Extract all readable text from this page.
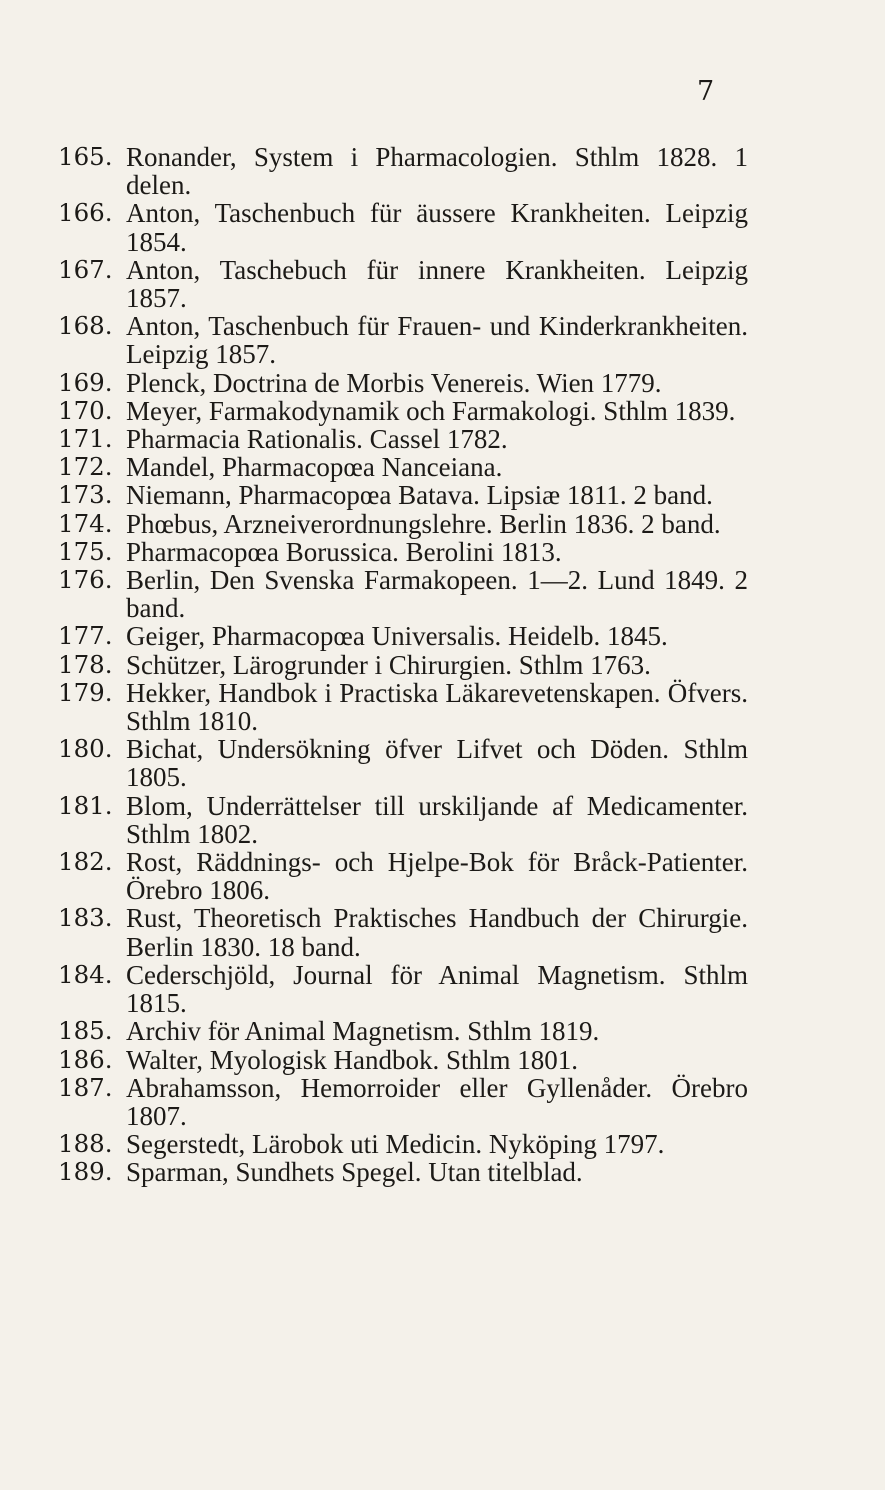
7
165. Ronander, System i Pharmacologien. Sthlm 1828. 1 delen.
166. Anton, Taschenbuch für äussere Krankheiten. Leipzig 1854.
167. Anton, Taschebuch für innere Krankheiten. Leipzig 1857.
168. Anton, Taschenbuch für Frauen- und Kinderkrankheiten. Leipzig 1857.
169. Plenck, Doctrina de Morbis Venereis. Wien 1779.
170. Meyer, Farmakodynamik och Farmakologi. Sthlm 1839.
171. Pharmacia Rationalis. Cassel 1782.
172. Mandel, Pharmacopœa Nanceiana.
173. Niemann, Pharmacopœa Batava. Lipsiæ 1811. 2 band.
174. Phœbus, Arzneiverordnungslehre. Berlin 1836. 2 band.
175. Pharmacopœa Borussica. Berolini 1813.
176. Berlin, Den Svenska Farmakopeen. 1—2. Lund 1849. 2 band.
177. Geiger, Pharmacopœa Universalis. Heidelb. 1845.
178. Schützer, Lärogrunder i Chirurgien. Sthlm 1763.
179. Hekker, Handbok i Practiska Läkarevetenskapen. Öfvers. Sthlm 1810.
180. Bichat, Undersökning öfver Lifvet och Döden. Sthlm 1805.
181. Blom, Underrättelser till urskiljande af Medicamenter. Sthlm 1802.
182. Rost, Räddnings- och Hjelpe-Bok för Bråck-Patienter. Örebro 1806.
183. Rust, Theoretisch Praktisches Handbuch der Chirurgie. Berlin 1830. 18 band.
184. Cederschjöld, Journal för Animal Magnetism. Sthlm 1815.
185. Archiv för Animal Magnetism. Sthlm 1819.
186. Walter, Myologisk Handbok. Sthlm 1801.
187. Abrahamsson, Hemorroider eller Gyllenåder. Örebro 1807.
188. Segerstedt, Lärobok uti Medicin. Nyköping 1797.
189. Sparman, Sundhets Spegel. Utan titelblad.
